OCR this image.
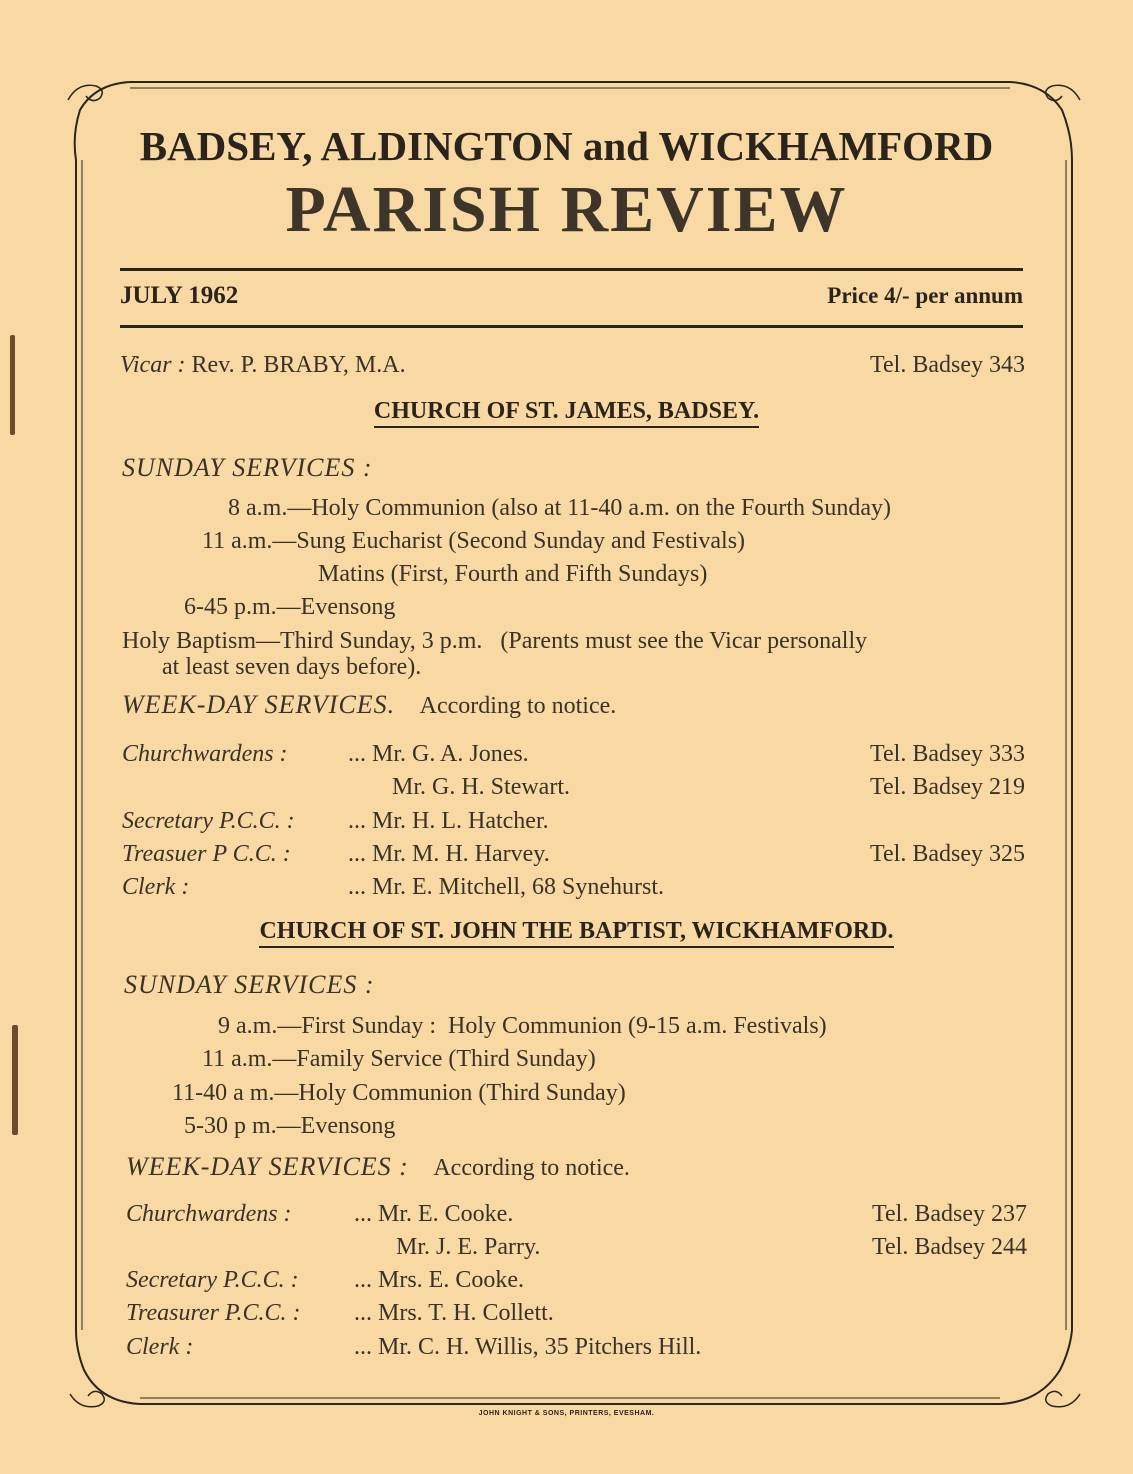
BADSEY, ALDINGTON and WICKHAMFORD
PARISH REVIEW
JULY 1962	Price 4/- per annum
Vicar : Rev. P. BRABY, M.A.	Tel. Badsey 343
CHURCH OF ST. JAMES, BADSEY.
SUNDAY SERVICES :
8 a.m.—Holy Communion (also at 11-40 a.m. on the Fourth Sunday)
11 a.m.—Sung Eucharist (Second Sunday and Festivals)
Matins (First, Fourth and Fifth Sundays)
6-45 p.m.—Evensong
Holy Baptism—Third Sunday, 3 p.m.   (Parents must see the Vicar personally
at least seven days before).
WEEK-DAY SERVICES. According to notice.
Churchwardens :	... Mr. G. A. Jones.	Tel. Badsey 333
Mr. G. H. Stewart.	Tel. Badsey 219
Secretary P.C.C. : ... Mr. H. L. Hatcher.
Treasuer P C.C. : ... Mr. M. H. Harvey.	Tel. Badsey 325
Clerk :	... Mr. E. Mitchell, 68 Synehurst.
CHURCH OF ST. JOHN THE BAPTIST, WICKHAMFORD.
SUNDAY SERVICES :
9 a.m.—First Sunday :  Holy Communion (9-15 a.m. Festivals)
11 a.m.—Family Service (Third Sunday)
11-40 a m.—Holy Communion (Third Sunday)
5-30 p m.—Evensong
WEEK-DAY SERVICES : According to notice.
Churchwardens :	... Mr. E. Cooke.	Tel. Badsey 237
Mr. J. E. Parry.	Tel. Badsey 244
Secretary P.C.C. : ... Mrs. E. Cooke.
Treasurer P.C.C. : ... Mrs. T. H. Collett.
Clerk :	... Mr. C. H. Willis, 35 Pitchers Hill.
JOHN KNIGHT & SONS, PRINTERS, EVESHAM.
